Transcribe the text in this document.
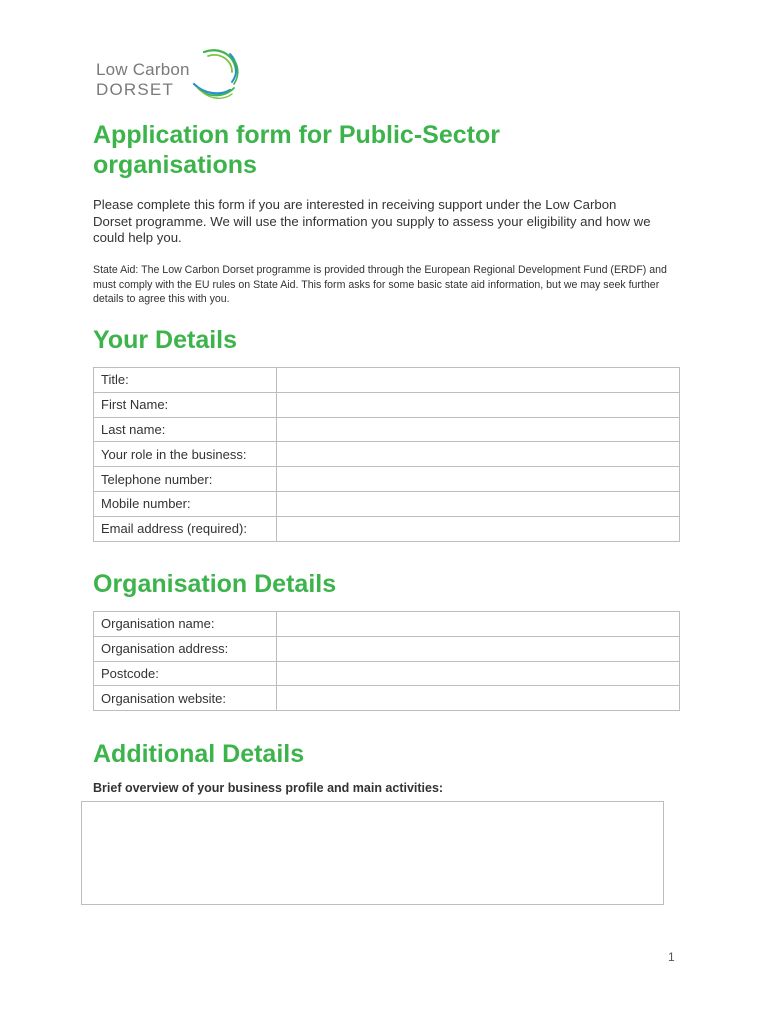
Low Carbon
DORSET
Application form for Public-Sector organisations

Please complete this form if you are interested in receiving support under the Low Carbon Dorset programme. We will use the information you supply to assess your eligibility and how we could help you.

State Aid: The Low Carbon Dorset programme is provided through the European Regional Development Fund (ERDF) and must comply with the EU rules on State Aid. This form asks for some basic state aid information, but we may seek further details to agree this with you.

Your Details
Title:	
First Name:	
Last name:	
Your role in the business:	
Telephone number:	
Mobile number:	
Email address (required):	
Organisation Details
Organisation name:	
Organisation address:	
Postcode:	
Organisation website:	
Additional Details

Brief overview of your business profile and main activities:

1
